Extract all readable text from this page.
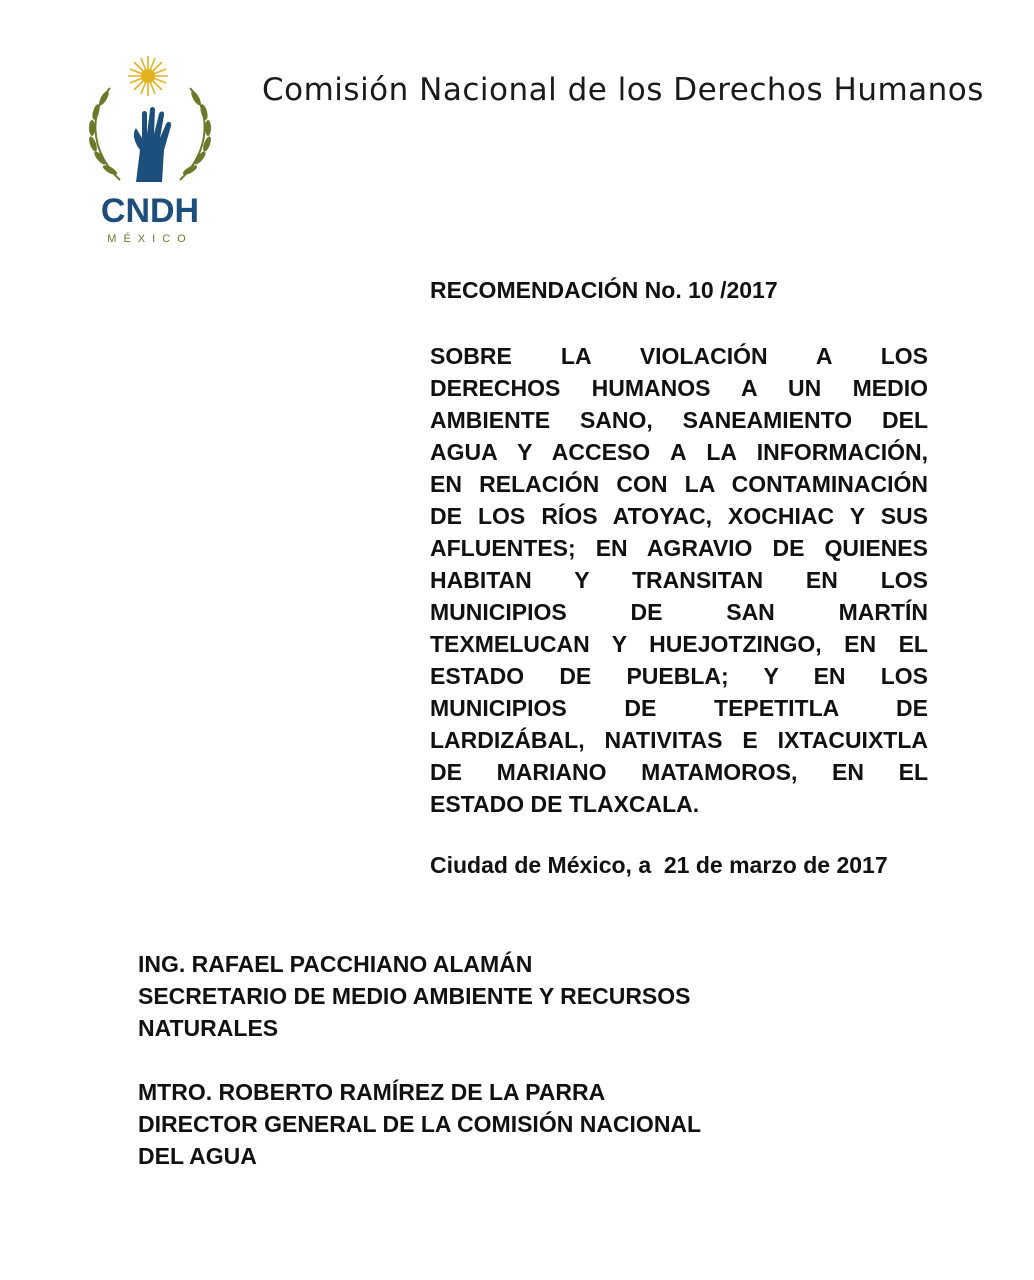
CNDH
MÉXICO
Comisión Nacional de los Derechos Humanos
RECOMENDACIÓN No. 10 /2017
SOBRE LA VIOLACIÓN A LOS
DERECHOS HUMANOS A UN MEDIO
AMBIENTE SANO, SANEAMIENTO DEL
AGUA Y ACCESO A LA INFORMACIÓN,
EN RELACIÓN CON LA CONTAMINACIÓN
DE LOS RÍOS ATOYAC, XOCHIAC Y SUS
AFLUENTES; EN AGRAVIO DE QUIENES
HABITAN Y TRANSITAN EN LOS
MUNICIPIOS DE SAN MARTÍN
TEXMELUCAN Y HUEJOTZINGO, EN EL
ESTADO DE PUEBLA; Y EN LOS
MUNICIPIOS DE TEPETITLA DE
LARDIZÁBAL, NATIVITAS E IXTACUIXTLA
DE MARIANO MATAMOROS, EN EL
ESTADO DE TLAXCALA.
Ciudad de México, a  21 de marzo de 2017
ING. RAFAEL PACCHIANO ALAMÁN
SECRETARIO DE MEDIO AMBIENTE Y RECURSOS
NATURALES
MTRO. ROBERTO RAMÍREZ DE LA PARRA
DIRECTOR GENERAL DE LA COMISIÓN NACIONAL
DEL AGUA
